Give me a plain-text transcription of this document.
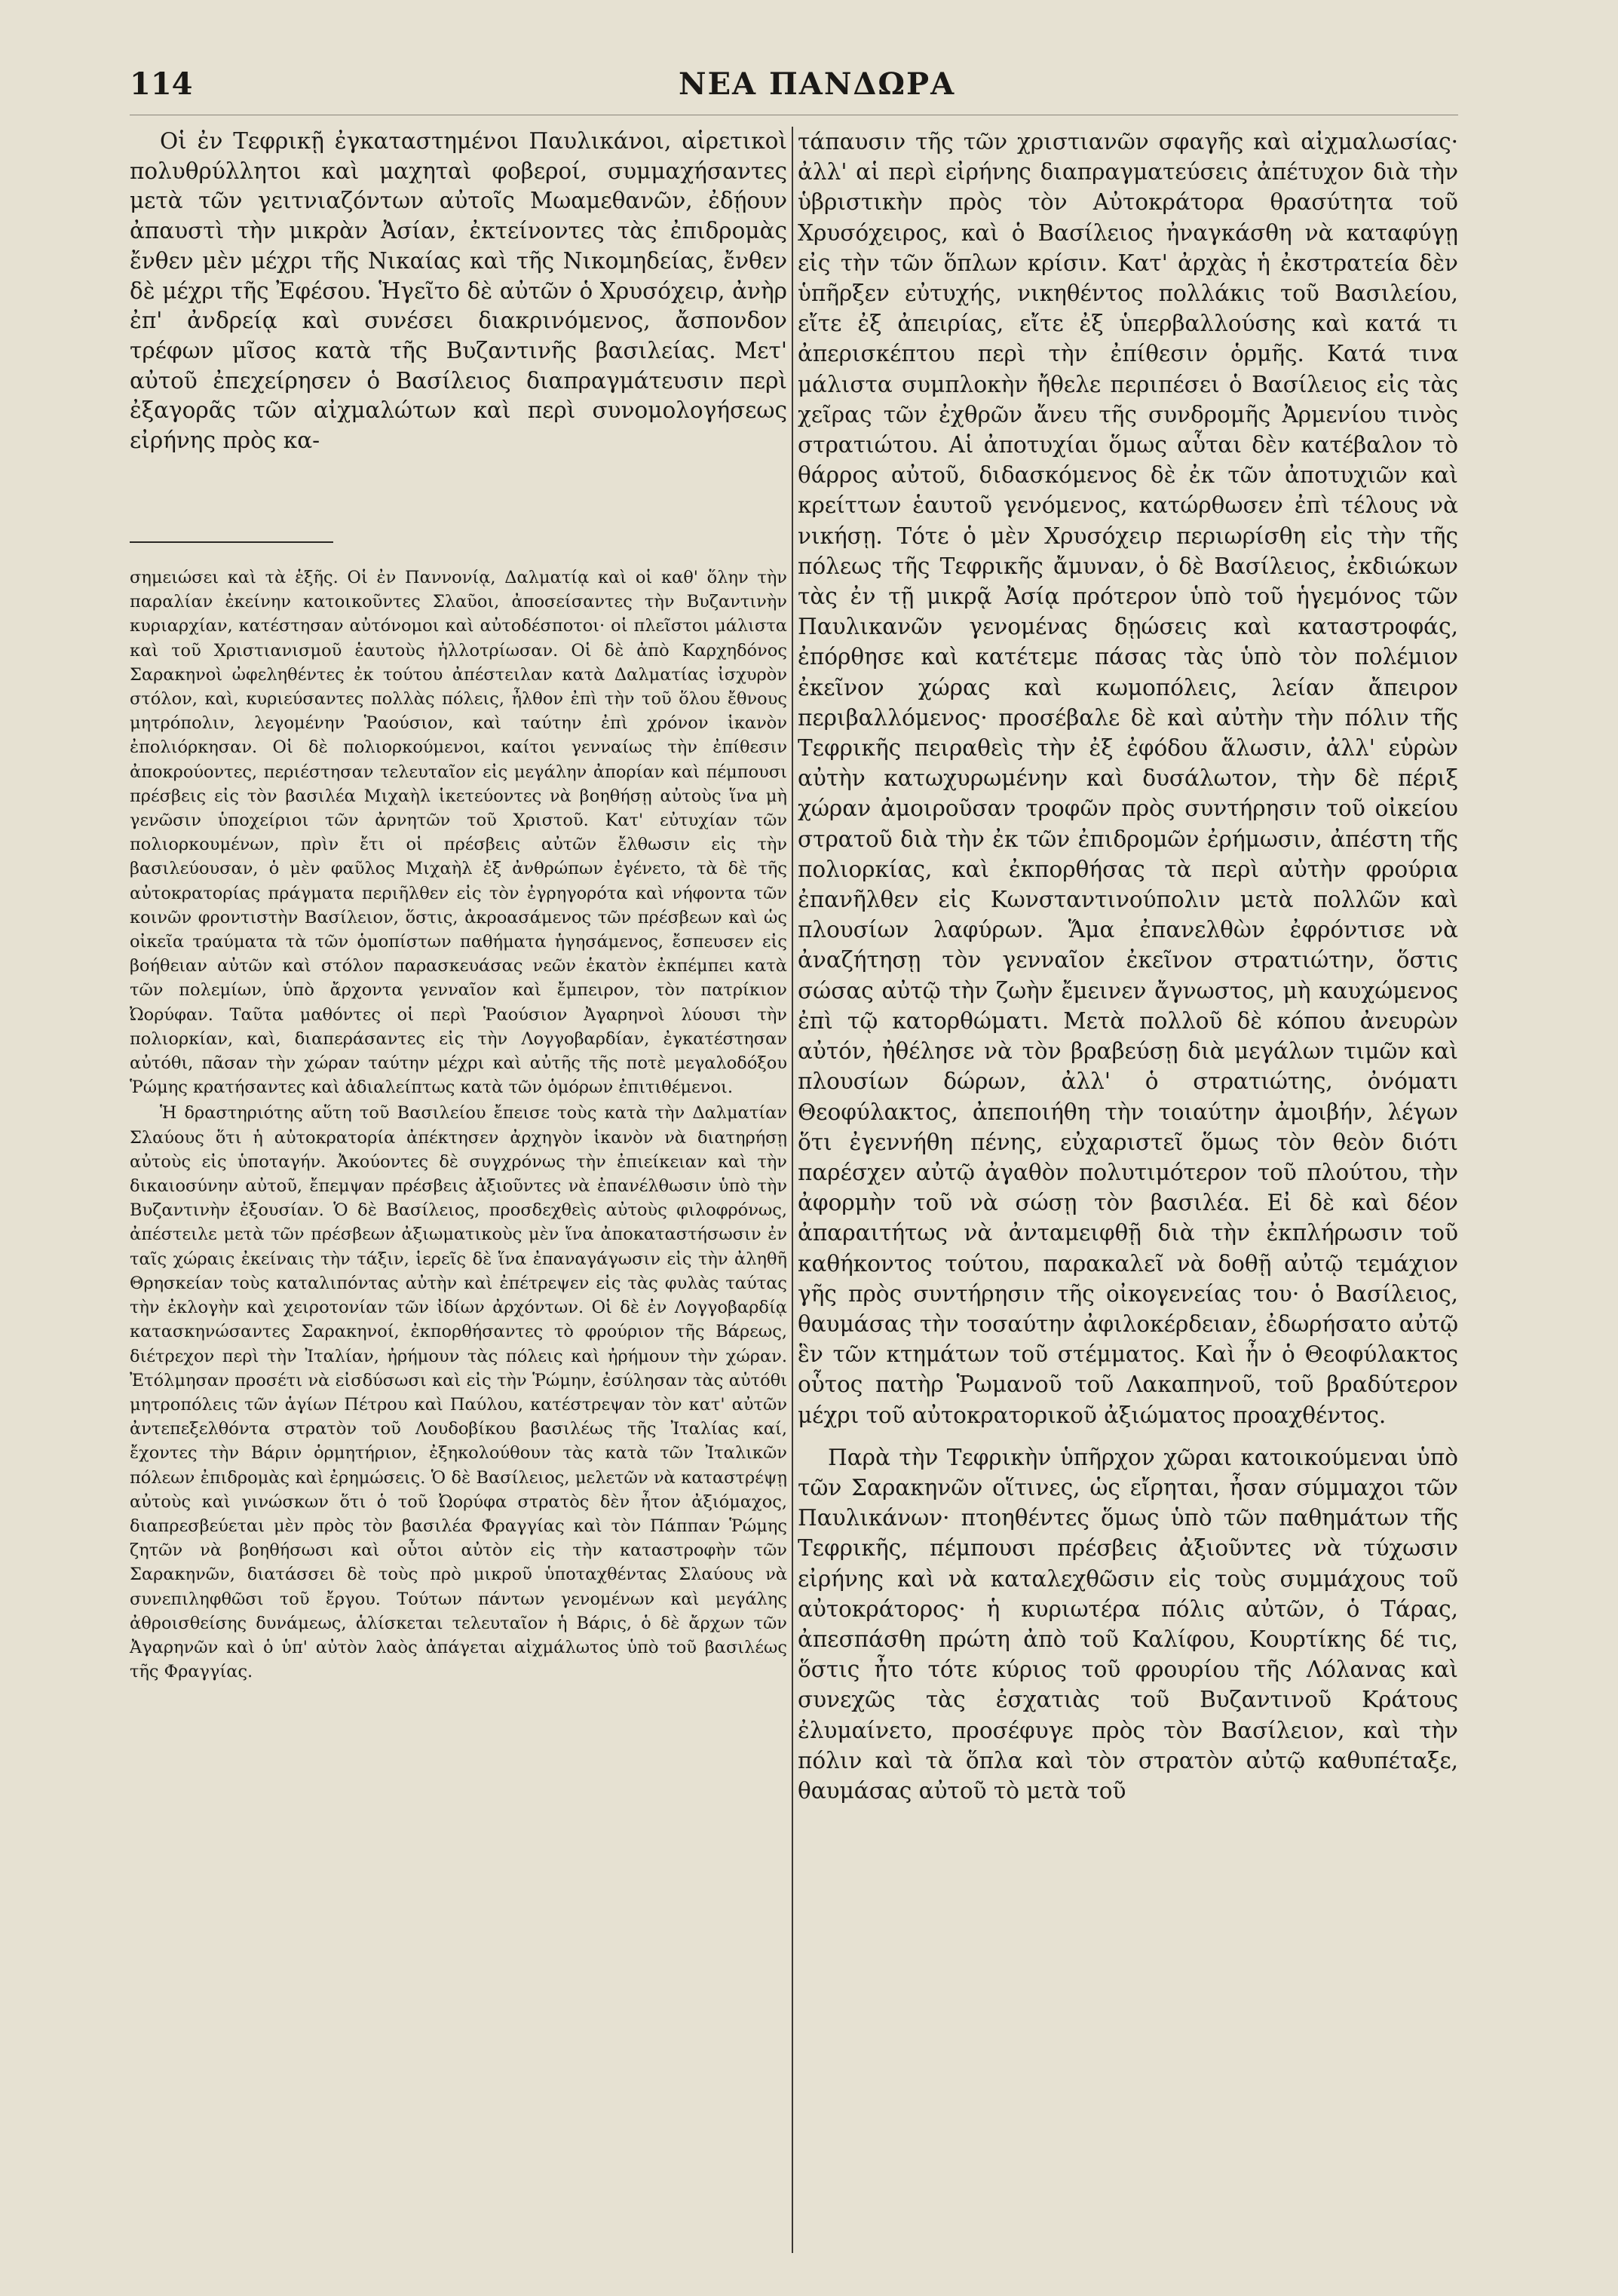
114	ΝΕΑ ΠΑΝΔΩΡΑ

Οἱ ἐν Τεφρικῇ ἐγκαταστημένοι Παυλικάνοι, αἱρετικοὶ πολυθρύλλητοι καὶ μαχηταὶ φοβεροί, συμμαχήσαντες μετὰ τῶν γειτνιαζόντων αὐτοῖς Μωαμεθανῶν, ἐδῄουν ἀπαυστὶ τὴν μικρὰν Ἀσίαν, ἐκτείνοντες τὰς ἐπιδρομὰς ἔνθεν μὲν μέχρι τῆς Νικαίας καὶ τῆς Νικομηδείας, ἔνθεν δὲ μέχρι τῆς Ἐφέσου. Ἡγεῖτο δὲ αὐτῶν ὁ Χρυσόχειρ, ἀνὴρ ἐπ' ἀνδρείᾳ καὶ συνέσει διακρινόμενος, ἄσπονδον τρέφων μῖσος κατὰ τῆς Βυζαντινῆς βασιλείας. Μετ' αὐτοῦ ἐπεχείρησεν ὁ Βασίλειος διαπραγμάτευσιν περὶ ἐξαγορᾶς τῶν αἰχμαλώτων καὶ περὶ συνομολογήσεως εἰρήνης πρὸς κα-

σημειώσει καὶ τὰ ἑξῆς. Οἱ ἐν Παννονίᾳ, Δαλματίᾳ καὶ οἱ καθ' ὅλην τὴν παραλίαν ἐκείνην κατοικοῦντες Σλαῦοι, ἀποσείσαντες τὴν Βυζαντινὴν κυριαρχίαν, κατέστησαν αὐτόνομοι καὶ αὐτοδέσποτοι· οἱ πλεῖστοι μάλιστα καὶ τοῦ Χριστιανισμοῦ ἑαυτοὺς ἠλλοτρίωσαν. Οἱ δὲ ἀπὸ Καρχηδόνος Σαρακηνοὶ ὠφεληθέντες ἐκ τούτου ἀπέστειλαν κατὰ Δαλματίας ἰσχυρὸν στόλον, καὶ, κυριεύσαντες πολλὰς πόλεις, ἦλθον ἐπὶ τὴν τοῦ ὅλου ἔθνους μητρόπολιν, λεγομένην Ῥαούσιον, καὶ ταύτην ἐπὶ χρόνον ἱκανὸν ἐπολιόρκησαν. Οἱ δὲ πολιορκούμενοι, καίτοι γενναίως τὴν ἐπίθεσιν ἀποκρούοντες, περιέστησαν τελευταῖον εἰς μεγάλην ἀπορίαν καὶ πέμπουσι πρέσβεις εἰς τὸν βασιλέα Μιχαὴλ ἱκετεύοντες νὰ βοηθήσῃ αὐτοὺς ἵνα μὴ γενῶσιν ὑποχείριοι τῶν ἀρνητῶν τοῦ Χριστοῦ. Κατ' εὐτυχίαν τῶν πολιορκουμένων, πρὶν ἔτι οἱ πρέσβεις αὐτῶν ἔλθωσιν εἰς τὴν βασιλεύουσαν, ὁ μὲν φαῦλος Μιχαὴλ ἐξ ἀνθρώπων ἐγένετο, τὰ δὲ τῆς αὐτοκρατορίας πράγματα περιῆλθεν εἰς τὸν ἐγρηγορότα καὶ νήφοντα τῶν κοινῶν φροντιστὴν Βασίλειον, ὅστις, ἀκροασάμενος τῶν πρέσβεων καὶ ὡς οἰκεῖα τραύματα τὰ τῶν ὁμοπίστων παθήματα ἡγησάμενος, ἔσπευσεν εἰς βοήθειαν αὐτῶν καὶ στόλον παρασκευάσας νεῶν ἑκατὸν ἐκπέμπει κατὰ τῶν πολεμίων, ὑπὸ ἄρχοντα γενναῖον καὶ ἔμπειρον, τὸν πατρίκιον Ὠορύφαν. Ταῦτα μαθόντες οἱ περὶ Ῥαούσιον Ἀγαρηνοὶ λύουσι τὴν πολιορκίαν, καὶ, διαπεράσαντες εἰς τὴν Λογγοβαρδίαν, ἐγκατέστησαν αὐτόθι, πᾶσαν τὴν χώραν ταύτην μέχρι καὶ αὐτῆς τῆς ποτὲ μεγαλοδόξου Ῥώμης κρατήσαντες καὶ ἀδιαλείπτως κατὰ τῶν ὁμόρων ἐπιτιθέμενοι.

Ἡ δραστηριότης αὕτη τοῦ Βασιλείου ἔπεισε τοὺς κατὰ τὴν Δαλματίαν Σλαύους ὅτι ἡ αὐτοκρατορία ἀπέκτησεν ἀρχηγὸν ἱκανὸν νὰ διατηρήσῃ αὐτοὺς εἰς ὑποταγήν. Ἀκούοντες δὲ συγχρόνως τὴν ἐπιείκειαν καὶ τὴν δικαιοσύνην αὐτοῦ, ἔπεμψαν πρέσβεις ἀξιοῦντες νὰ ἐπανέλθωσιν ὑπὸ τὴν Βυζαντινὴν ἐξουσίαν. Ὁ δὲ Βασίλειος, προσδεχθεὶς αὐτοὺς φιλοφρόνως, ἀπέστειλε μετὰ τῶν πρέσβεων ἀξιωματικοὺς μὲν ἵνα ἀποκαταστήσωσιν ἐν ταῖς χώραις ἐκείναις τὴν τάξιν, ἱερεῖς δὲ ἵνα ἐπαναγάγωσιν εἰς τὴν ἀληθῆ Θρησκείαν τοὺς καταλιπόντας αὐτὴν καὶ ἐπέτρεψεν εἰς τὰς φυλὰς ταύτας τὴν ἐκλογὴν καὶ χειροτονίαν τῶν ἰδίων ἀρχόντων. Οἱ δὲ ἐν Λογγοβαρδίᾳ κατασκηνώσαντες Σαρακηνοί, ἐκπορθήσαντες τὸ φρούριον τῆς Βάρεως, διέτρεχον περὶ τὴν Ἰταλίαν, ἠρήμουν τὰς πόλεις καὶ ἠρήμουν τὴν χώραν. Ἐτόλμησαν προσέτι νὰ εἰσδύσωσι καὶ εἰς τὴν Ῥώμην, ἐσύλησαν τὰς αὐτόθι μητροπόλεις τῶν ἁγίων Πέτρου καὶ Παύλου, κατέστρεψαν τὸν κατ' αὐτῶν ἀντεπεξελθόντα στρατὸν τοῦ Λουδοβίκου βασιλέως τῆς Ἰταλίας καί, ἔχοντες τὴν Βάριν ὁρμητήριον, ἐξηκολούθουν τὰς κατὰ τῶν Ἰταλικῶν πόλεων ἐπιδρομὰς καὶ ἐρημώσεις. Ὁ δὲ Βασίλειος, μελετῶν νὰ καταστρέψῃ αὐτοὺς καὶ γινώσκων ὅτι ὁ τοῦ Ὠορύφα στρατὸς δὲν ἦτον ἀξιόμαχος, διαπρεσβεύεται μὲν πρὸς τὸν βασιλέα Φραγγίας καὶ τὸν Πάππαν Ῥώμης ζητῶν νὰ βοηθήσωσι καὶ οὗτοι αὐτὸν εἰς τὴν καταστροφὴν τῶν Σαρακηνῶν, διατάσσει δὲ τοὺς πρὸ μικροῦ ὑποταχθέντας Σλαύους νὰ συνεπιληφθῶσι τοῦ ἔργου. Τούτων πάντων γενομένων καὶ μεγάλης ἀθροισθείσης δυνάμεως, ἁλίσκεται τελευταῖον ἡ Βάρις, ὁ δὲ ἄρχων τῶν Ἀγαρηνῶν καὶ ὁ ὑπ' αὐτὸν λαὸς ἀπάγεται αἰχμάλωτος ὑπὸ τοῦ βασιλέως τῆς Φραγγίας.

τάπαυσιν τῆς τῶν χριστιανῶν σφαγῆς καὶ αἰχμαλωσίας· ἀλλ' αἱ περὶ εἰρήνης διαπραγματεύσεις ἀπέτυχον διὰ τὴν ὑβριστικὴν πρὸς τὸν Αὐτοκράτορα θρασύτητα τοῦ Χρυσόχειρος, καὶ ὁ Βασίλειος ἠναγκάσθη νὰ καταφύγῃ εἰς τὴν τῶν ὅπλων κρίσιν. Κατ' ἀρχὰς ἡ ἐκστρατεία δὲν ὑπῆρξεν εὐτυχής, νικηθέντος πολλάκις τοῦ Βασιλείου, εἴτε ἐξ ἀπειρίας, εἴτε ἐξ ὑπερβαλλούσης καὶ κατά τι ἀπερισκέπτου περὶ τὴν ἐπίθεσιν ὁρμῆς. Κατά τινα μάλιστα συμπλοκὴν ἤθελε περιπέσει ὁ Βασίλειος εἰς τὰς χεῖρας τῶν ἐχθρῶν ἄνευ τῆς συνδρομῆς Ἀρμενίου τινὸς στρατιώτου. Αἱ ἀποτυχίαι ὅμως αὗται δὲν κατέβαλον τὸ θάρρος αὐτοῦ, διδασκόμενος δὲ ἐκ τῶν ἀποτυχιῶν καὶ κρείττων ἑαυτοῦ γενόμενος, κατώρθωσεν ἐπὶ τέλους νὰ νικήσῃ. Τότε ὁ μὲν Χρυσόχειρ περιωρίσθη εἰς τὴν τῆς πόλεως τῆς Τεφρικῆς ἄμυναν, ὁ δὲ Βασίλειος, ἐκδιώκων τὰς ἐν τῇ μικρᾷ Ἀσίᾳ πρότερον ὑπὸ τοῦ ἡγεμόνος τῶν Παυλικανῶν γενομένας δῃώσεις καὶ καταστροφάς, ἐπόρθησε καὶ κατέτεμε πάσας τὰς ὑπὸ τὸν πολέμιον ἐκεῖνον χώρας καὶ κωμοπόλεις, λείαν ἄπειρον περιβαλλόμενος· προσέβαλε δὲ καὶ αὐτὴν τὴν πόλιν τῆς Τεφρικῆς πειραθεὶς τὴν ἐξ ἐφόδου ἅλωσιν, ἀλλ' εὑρὼν αὐτὴν κατωχυρωμένην καὶ δυσάλωτον, τὴν δὲ πέριξ χώραν ἀμοιροῦσαν τροφῶν πρὸς συντήρησιν τοῦ οἰκείου στρατοῦ διὰ τὴν ἐκ τῶν ἐπιδρομῶν ἐρήμωσιν, ἀπέστη τῆς πολιορκίας, καὶ ἐκπορθήσας τὰ περὶ αὐτὴν φρούρια ἐπανῆλθεν εἰς Κωνσταντινούπολιν μετὰ πολλῶν καὶ πλουσίων λαφύρων. Ἅμα ἐπανελθὼν ἐφρόντισε νὰ ἀναζήτησῃ τὸν γενναῖον ἐκεῖνον στρατιώτην, ὅστις σώσας αὐτῷ τὴν ζωὴν ἔμεινεν ἄγνωστος, μὴ καυχώμενος ἐπὶ τῷ κατορθώματι. Μετὰ πολλοῦ δὲ κόπου ἀνευρὼν αὐτόν, ἠθέλησε νὰ τὸν βραβεύσῃ διὰ μεγάλων τιμῶν καὶ πλουσίων δώρων, ἀλλ' ὁ στρατιώτης, ὀνόματι Θεοφύλακτος, ἀπεποιήθη τὴν τοιαύτην ἀμοιβήν, λέγων ὅτι ἐγεννήθη πένης, εὐχαριστεῖ ὅμως τὸν θεὸν διότι παρέσχεν αὐτῷ ἀγαθὸν πολυτιμότερον τοῦ πλούτου, τὴν ἀφορμὴν τοῦ νὰ σώσῃ τὸν βασιλέα. Εἰ δὲ καὶ δέον ἀπαραιτήτως νὰ ἀνταμειφθῇ διὰ τὴν ἐκπλήρωσιν τοῦ καθήκοντος τούτου, παρακαλεῖ νὰ δοθῇ αὐτῷ τεμάχιον γῆς πρὸς συντήρησιν τῆς οἰκογενείας του· ὁ Βασίλειος, θαυμάσας τὴν τοσαύτην ἀφιλοκέρδειαν, ἐδωρήσατο αὐτῷ ἓν τῶν κτημάτων τοῦ στέμματος. Καὶ ἦν ὁ Θεοφύλακτος οὗτος πατὴρ Ῥωμανοῦ τοῦ Λακαπηνοῦ, τοῦ βραδύτερον μέχρι τοῦ αὐτοκρατορικοῦ ἀξιώματος προαχθέντος.

Παρὰ τὴν Τεφρικὴν ὑπῆρχον χῶραι κατοικούμεναι ὑπὸ τῶν Σαρακηνῶν οἵτινες, ὡς εἴρηται, ἦσαν σύμμαχοι τῶν Παυλικάνων· πτοηθέντες ὅμως ὑπὸ τῶν παθημάτων τῆς Τεφρικῆς, πέμπουσι πρέσβεις ἀξιοῦντες νὰ τύχωσιν εἰρήνης καὶ νὰ καταλεχθῶσιν εἰς τοὺς συμμάχους τοῦ αὐτοκράτορος· ἡ κυριωτέρα πόλις αὐτῶν, ὁ Τάρας, ἀπεσπάσθη πρώτη ἀπὸ τοῦ Καλίφου, Κουρτίκης δέ τις, ὅστις ἦτο τότε κύριος τοῦ φρουρίου τῆς Λόλανας καὶ συνεχῶς τὰς ἐσχατιὰς τοῦ Βυζαντινοῦ Κράτους ἐλυμαίνετο, προσέφυγε πρὸς τὸν Βασίλειον, καὶ τὴν πόλιν καὶ τὰ ὅπλα καὶ τὸν στρατὸν αὐτῷ καθυπέταξε, θαυμάσας αὐτοῦ τὸ μετὰ τοῦ
